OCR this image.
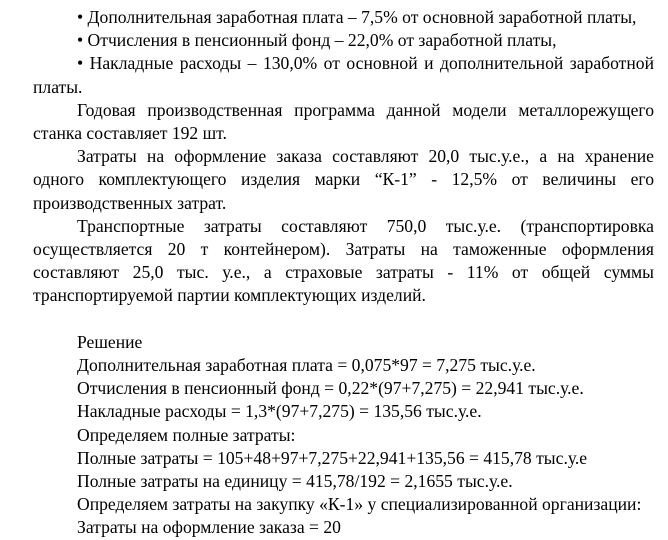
• Дополнительная заработная плата – 7,5% от основной заработной платы,

• Отчисления в пенсионный фонд – 22,0% от заработной платы,

• Накладные расходы – 130,0% от основной и дополнительной заработной платы.

Годовая производственная программа данной модели металлорежущего станка составляет 192 шт.

Затраты на оформление заказа составляют 20,0 тыс.у.е., а на хранение одного комплектующего изделия марки “К-1” - 12,5% от величины его производственных затрат.

Транспортные затраты составляют 750,0 тыс.у.е. (транспортировка осуществляется 20 т контейнером). Затраты на таможенные оформления составляют 25,0 тыс. у.е., а страховые затраты - 11% от общей суммы транспортируемой партии комплектующих изделий.

Решение

Дополнительная заработная плата = 0,075*97 = 7,275 тыс.у.е.

Отчисления в пенсионный фонд = 0,22*(97+7,275) = 22,941 тыс.у.е.

Накладные расходы = 1,3*(97+7,275) = 135,56 тыс.у.е.

Определяем полные затраты:

Полные затраты = 105+48+97+7,275+22,941+135,56 = 415,78 тыс.у.е

Полные затраты на единицу = 415,78/192 = 2,1655 тыс.у.е.

Определяем затраты на закупку «К-1» у специализированной организации:

Затраты на оформление заказа = 20
